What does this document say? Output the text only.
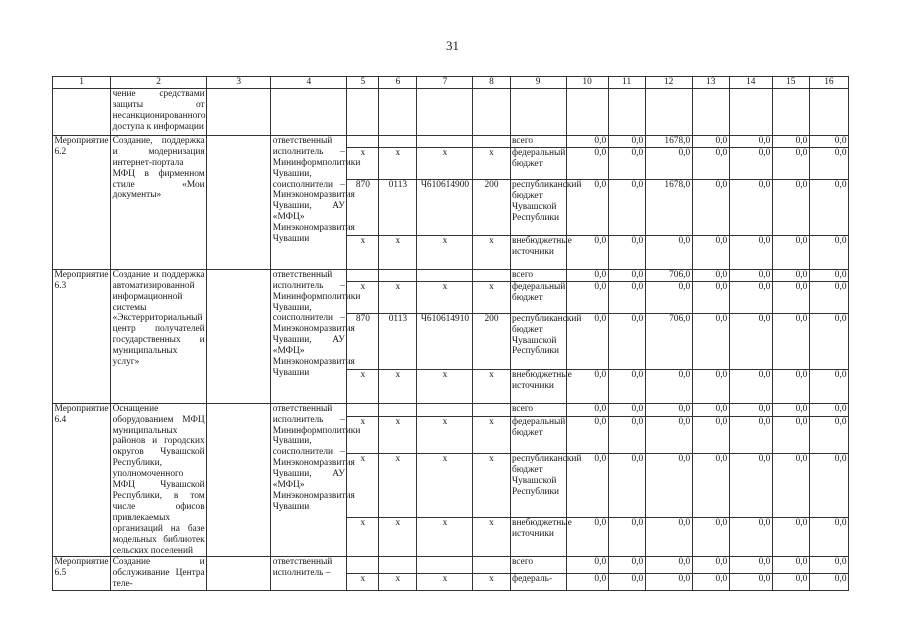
31
1	2	3	4	5	6	7	8	9	10	11	12	13	14	15	16
	чение средствами защиты от несанкционированного доступа к информации														
Мероприятие 6.2	Создание, поддержка и модернизация интернет-портала МФЦ в фирменном стиле «Мои документы»		ответственный исполнитель – Мининформполитики Чувашии, соисполнители – Минэкономразвития Чувашии, АУ «МФЦ» Минэкономразвития Чувашии					всего	0,0	0,0	1678,0	0,0	0,0	0,0	0,0
				х	х	х	х	федеральный бюджет	0,0	0,0	0,0	0,0	0,0	0,0	0,0
				870	0113	Ч610614900	200	республиканский бюджет Чувашской Республики	0,0	0,0	1678,0	0,0	0,0	0,0	0,0
				х	х	х	х	внебюджетные источники	0,0	0,0	0,0	0,0	0,0	0,0	0,0
Мероприятие 6.3	Создание и поддержка автоматизированной информационной системы «Экстерриториальный центр получателей государственных и муниципальных услуг»		ответственный исполнитель – Мининформполитики Чувашии, соисполнители – Минэкономразвития Чувашии, АУ «МФЦ» Минэкономразвития Чувашии					всего	0,0	0,0	706,0	0,0	0,0	0,0	0,0
				х	х	х	х	федеральный бюджет	0,0	0,0	0,0	0,0	0,0	0,0	0,0
				870	0113	Ч610614910	200	республиканский бюджет Чувашской Республики	0,0	0,0	706,0	0,0	0,0	0,0	0,0
				х	х	х	х	внебюджетные источники	0,0	0,0	0,0	0,0	0,0	0,0	0,0
Мероприятие 6.4	Оснащение оборудованием МФЦ муниципальных районов и городских округов Чувашской Республики, уполномоченного МФЦ Чувашской Республики, в том числе офисов привлекаемых организаций на базе модельных библиотек сельских поселений		ответственный исполнитель – Мининформполитики Чувашии, соисполнители – Минэкономразвития Чувашии, АУ «МФЦ» Минэкономразвития Чувашии					всего	0,0	0,0	0,0	0,0	0,0	0,0	0,0
				х	х	х	х	федеральный бюджет	0,0	0,0	0,0	0,0	0,0	0,0	0,0
				х	х	х	х	республиканский бюджет Чувашской Республики	0,0	0,0	0,0	0,0	0,0	0,0	0,0
				х	х	х	х	внебюджетные источники	0,0	0,0	0,0	0,0	0,0	0,0	0,0
Мероприятие 6.5	Создание и обслуживание Центра теле-		ответственный исполнитель –					всего	0,0	0,0	0,0	0,0	0,0	0,0	0,0
				х	х	х	х	федераль-	0,0	0,0	0,0	0,0	0,0	0,0	0,0
